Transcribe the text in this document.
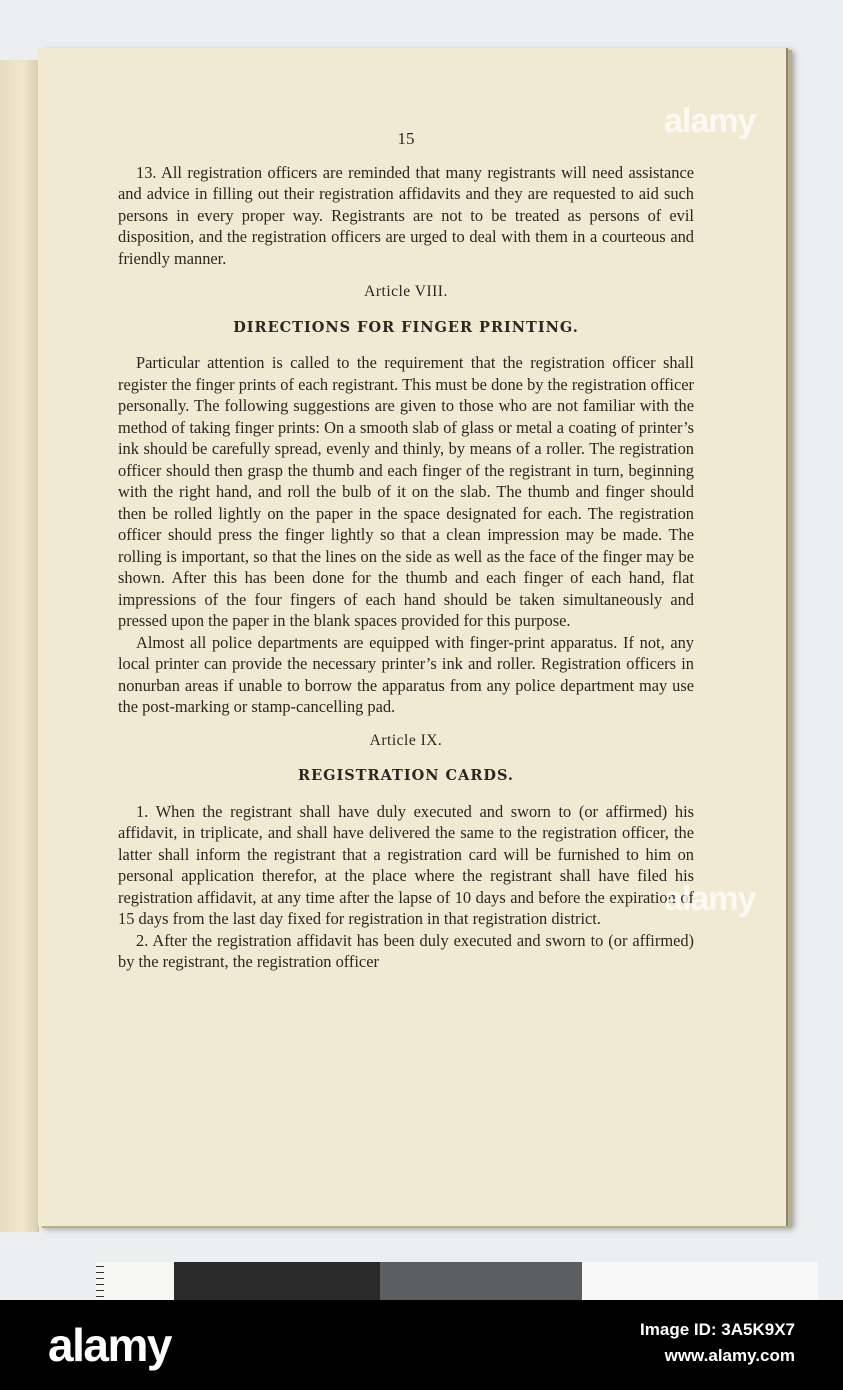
15

13. All registration officers are reminded that many registrants will need assistance and advice in filling out their registration affidavits and they are requested to aid such persons in every proper way. Registrants are not to be treated as persons of evil disposition, and the registration officers are urged to deal with them in a courteous and friendly manner.

Article VIII.

DIRECTIONS FOR FINGER PRINTING.

Particular attention is called to the requirement that the registration officer shall register the finger prints of each registrant. This must be done by the registration officer personally. The following suggestions are given to those who are not familiar with the method of taking finger prints: On a smooth slab of glass or metal a coating of printer’s ink should be carefully spread, evenly and thinly, by means of a roller. The registration officer should then grasp the thumb and each finger of the registrant in turn, beginning with the right hand, and roll the bulb of it on the slab. The thumb and finger should then be rolled lightly on the paper in the space designated for each. The registration officer should press the finger lightly so that a clean impression may be made. The rolling is important, so that the lines on the side as well as the face of the finger may be shown. After this has been done for the thumb and each finger of each hand, flat impressions of the four fingers of each hand should be taken simultaneously and pressed upon the paper in the blank spaces provided for this purpose.

Almost all police departments are equipped with finger-print apparatus. If not, any local printer can provide the necessary printer’s ink and roller. Registration officers in nonurban areas if unable to borrow the apparatus from any police department may use the post-marking or stamp-cancelling pad.

Article IX.

REGISTRATION CARDS.

1. When the registrant shall have duly executed and sworn to (or affirmed) his affidavit, in triplicate, and shall have delivered the same to the registration officer, the latter shall inform the registrant that a registration card will be furnished to him on personal application therefor, at the place where the registrant shall have filed his registration affidavit, at any time after the lapse of 10 days and before the expiration of 15 days from the last day fixed for registration in that registration district.

2. After the registration affidavit has been duly executed and sworn to (or affirmed) by the registrant, the registration officer

alamy
alamy
alamy	Image ID: 3A5K9X7
www.alamy.com
